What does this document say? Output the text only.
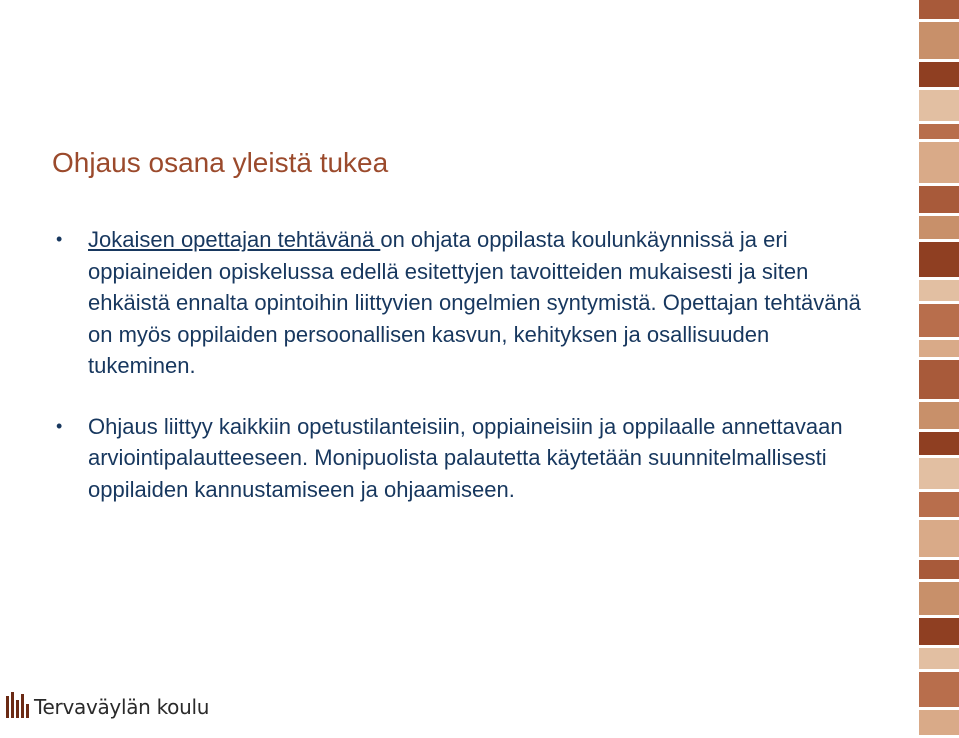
Ohjaus osana yleistä tukea
• Jokaisen opettajan tehtävänä on ohjata oppilasta koulunkäynnissä ja eri oppiaineiden opiskelussa edellä esitettyjen tavoitteiden mukaisesti ja siten ehkäistä ennalta opintoihin liittyvien ongelmien syntymistä. Opettajan tehtävänä on myös oppilaiden persoonallisen kasvun, kehityksen ja osallisuuden tukeminen.
• Ohjaus liittyy kaikkiin opetustilanteisiin, oppiaineisiin ja oppilaalle annettavaan arviointipalautteeseen. Monipuolista palautetta käytetään suunnitelmallisesti oppilaiden kannustamiseen ja ohjaamiseen.
Tervaväylän koulu
